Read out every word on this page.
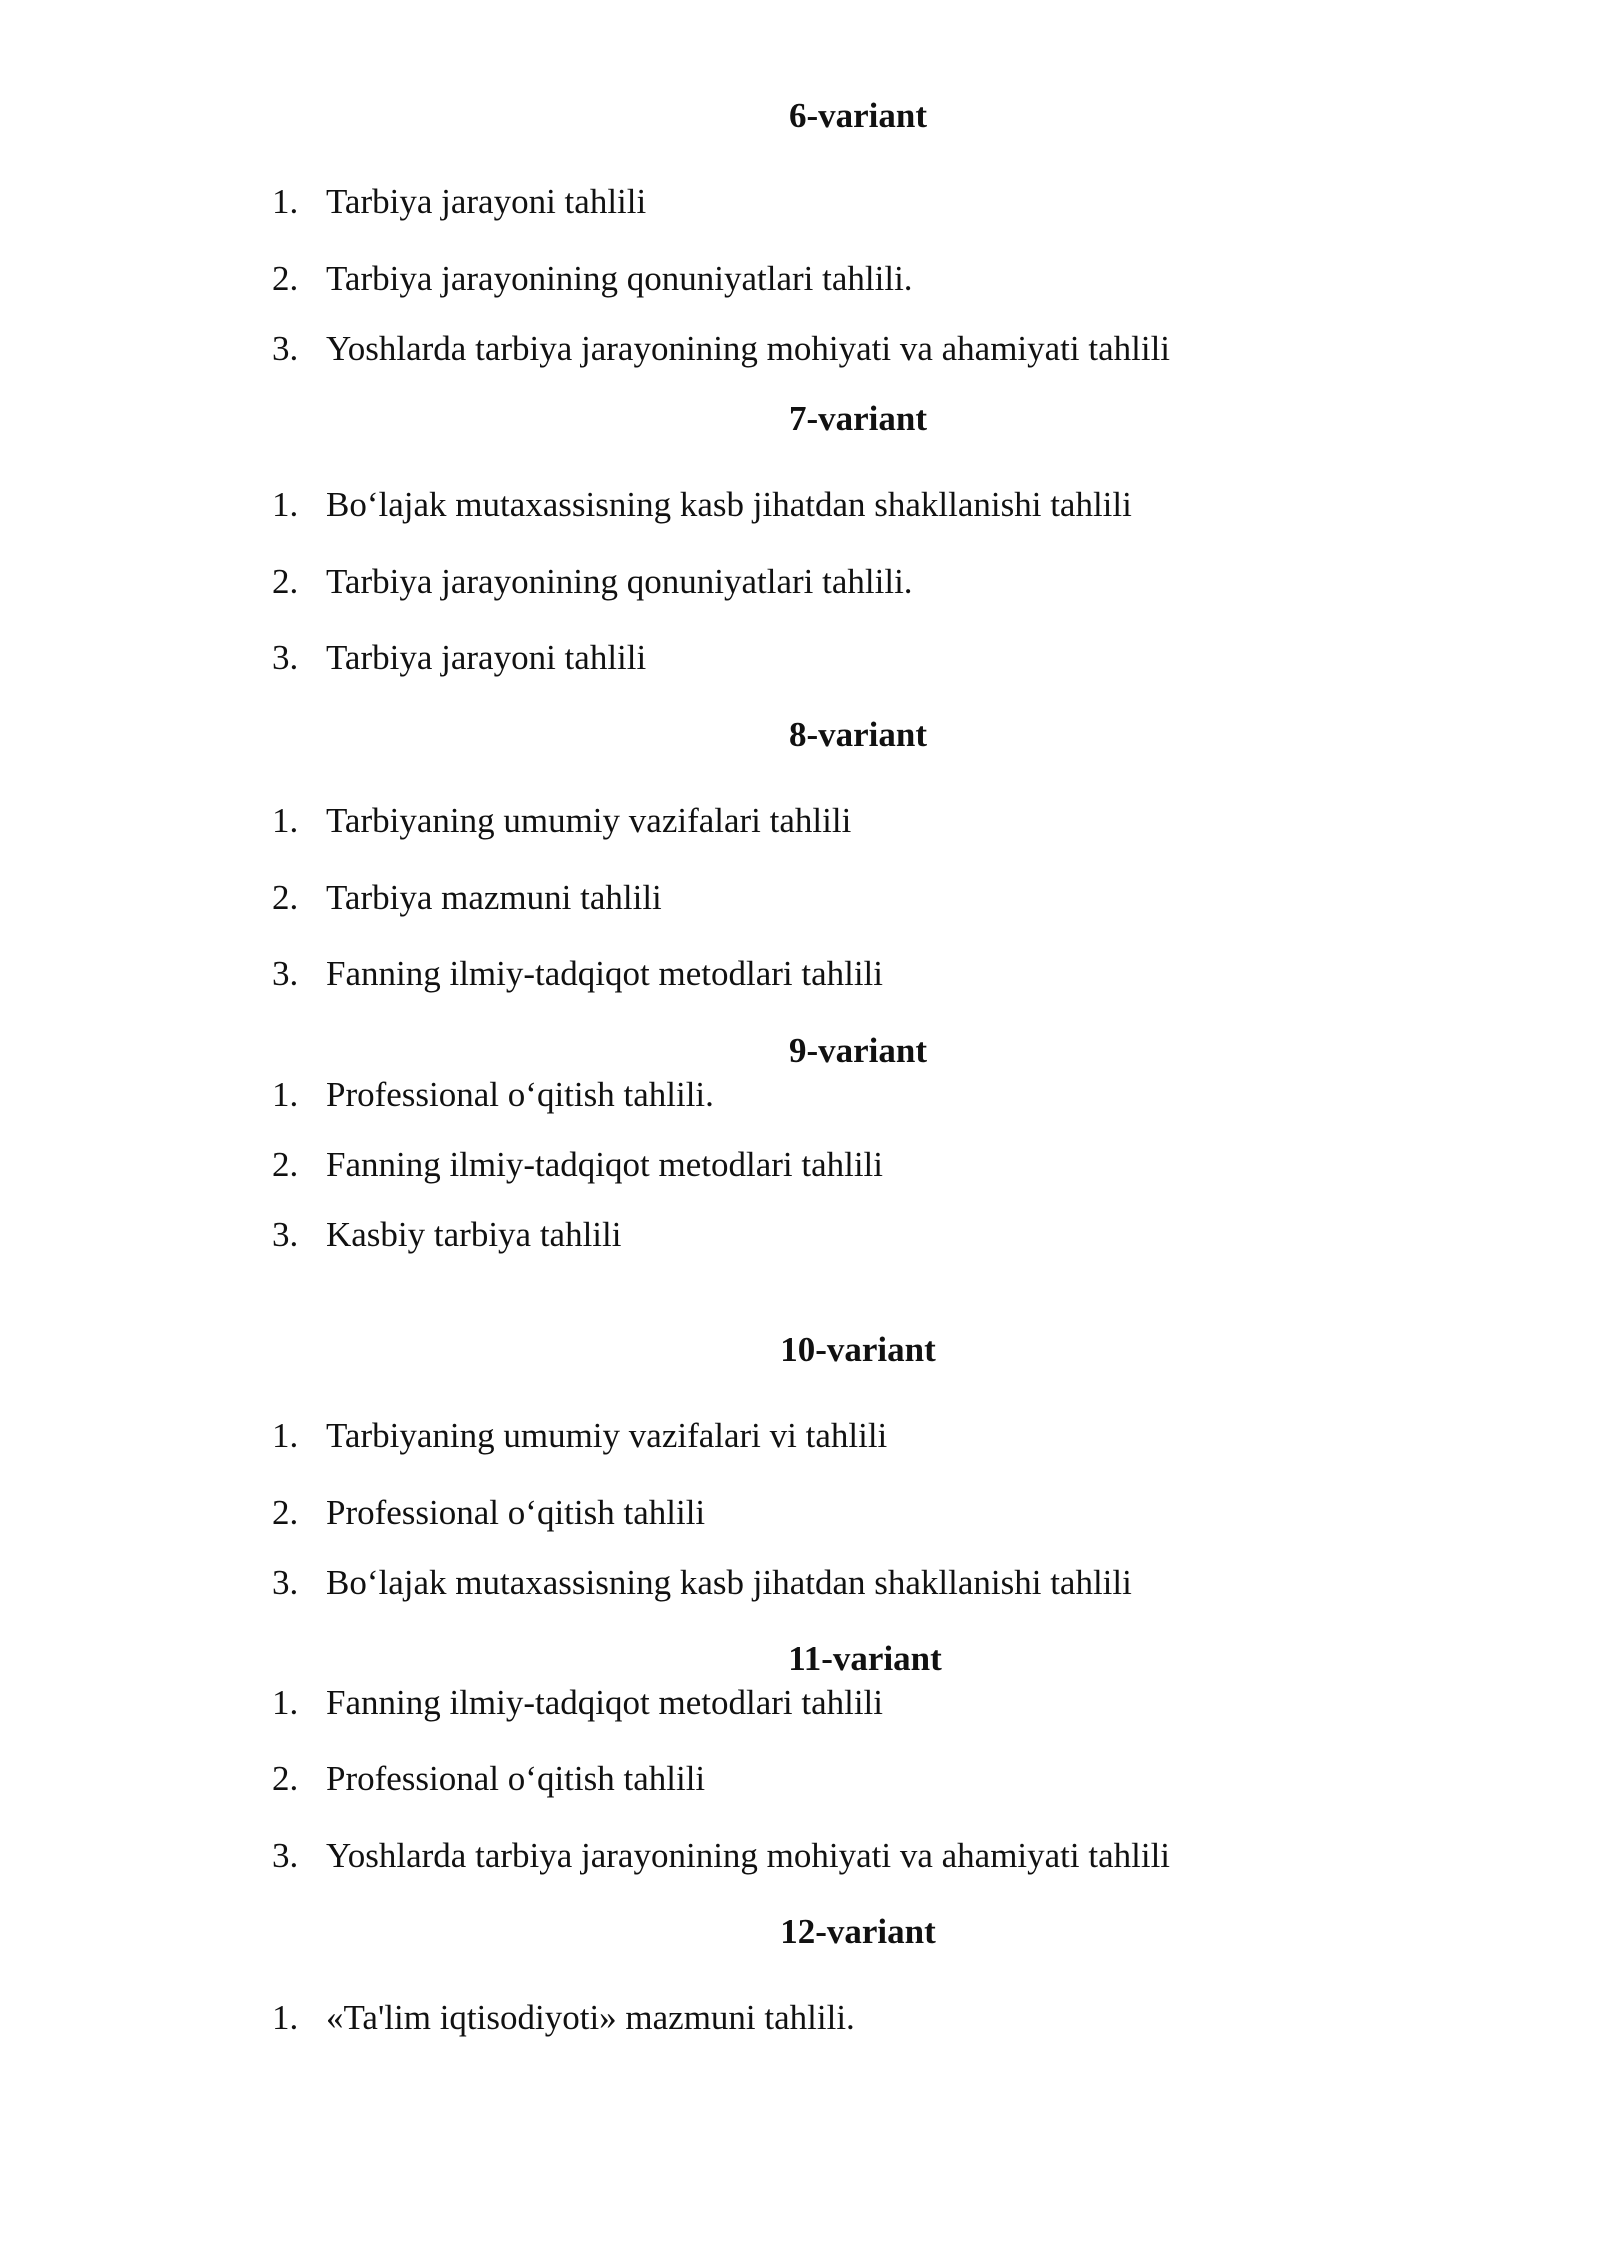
6-variant

1. Tarbiya jarayoni tahlili

2. Tarbiya jarayonining qonuniyatlari tahlili.

3. Yoshlarda tarbiya jarayonining mohiyati va ahamiyati tahlili

7-variant

1. Bo‘lajak mutaxassisning kasb jihatdan shakllanishi tahlili

2. Tarbiya jarayonining qonuniyatlari tahlili.

3. Tarbiya jarayoni tahlili

8-variant

1. Tarbiyaning umumiy vazifalari tahlili

2. Tarbiya mazmuni tahlili

3. Fanning ilmiy-tadqiqot metodlari tahlili

9-variant

1. Professional o‘qitish tahlili.

2. Fanning ilmiy-tadqiqot metodlari tahlili

3. Kasbiy tarbiya tahlili

10-variant

1. Tarbiyaning umumiy vazifalari vi tahlili

2. Professional o‘qitish tahlili

3. Bo‘lajak mutaxassisning kasb jihatdan shakllanishi tahlili

11-variant

1. Fanning ilmiy-tadqiqot metodlari tahlili

2. Professional o‘qitish tahlili

3. Yoshlarda tarbiya jarayonining mohiyati va ahamiyati tahlili

12-variant

1. «Ta'lim iqtisodiyoti» mazmuni tahlili.
